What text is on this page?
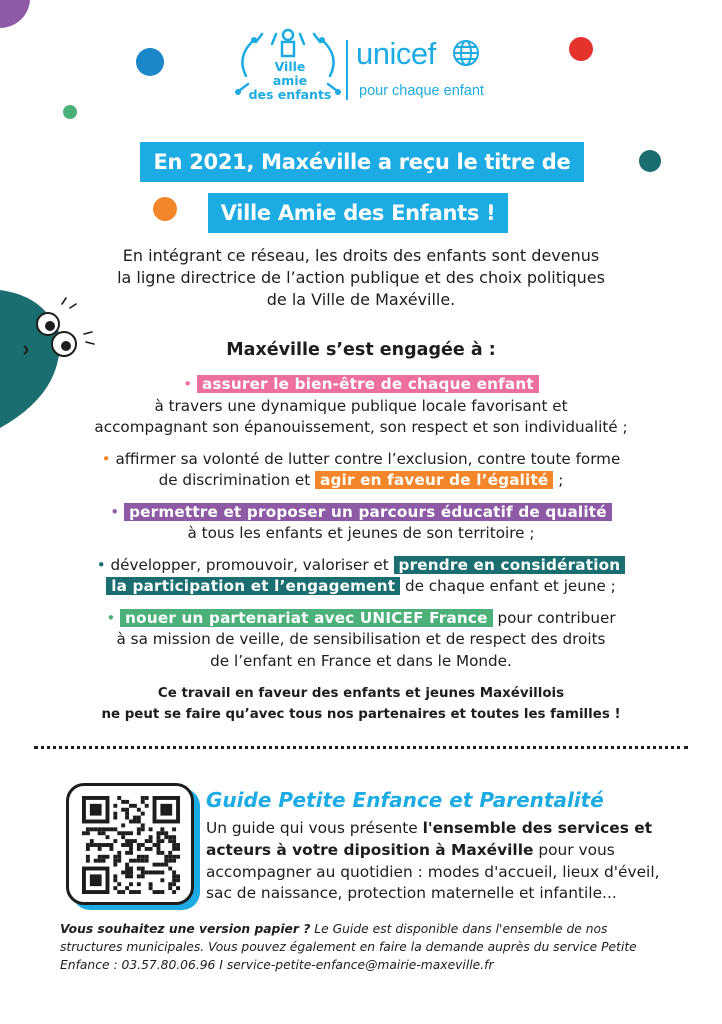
Ville
amie
des enfants
unicef
pour chaque enfant
En 2021, Maxéville a reçu le titre de
Ville Amie des Enfants !
En intégrant ce réseau, les droits des enfants sont devenus
la ligne directrice de l’action publique et des choix politiques
de la Ville de Maxéville.
Maxéville s’est engagée à :
• assurer le bien-être de chaque enfant
à travers une dynamique publique locale favorisant et
accompagnant son épanouissement, son respect et son individualité ;
• affirmer sa volonté de lutter contre l’exclusion, contre toute forme
de discrimination et agir en faveur de l’égalité ;
• permettre et proposer un parcours éducatif de qualité
à tous les enfants et jeunes de son territoire ;
• développer, promouvoir, valoriser et prendre en considération
la participation et l’engagement de chaque enfant et jeune ;
• nouer un partenariat avec UNICEF France pour contribuer
à sa mission de veille, de sensibilisation et de respect des droits
de l’enfant en France et dans le Monde.
Ce travail en faveur des enfants et jeunes Maxévillois
ne peut se faire qu’avec tous nos partenaires et toutes les familles !
Guide Petite Enfance et Parentalité
Un guide qui vous présente l'ensemble des services et acteurs à votre diposition à Maxéville pour vous accompagner au quotidien : modes d'accueil, lieux d'éveil, sac de naissance, protection maternelle et infantile...
Vous souhaitez une version papier ? Le Guide est disponible dans l'ensemble de nos structures municipales. Vous pouvez également en faire la demande auprès du service Petite Enfance : 03.57.80.06.96 I service-petite-enfance@mairie-maxeville.fr
